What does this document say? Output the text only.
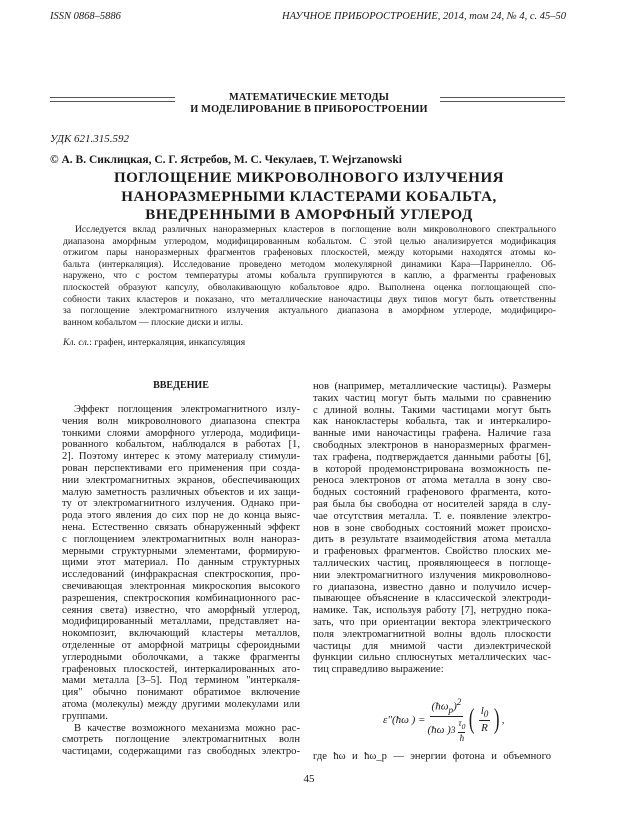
ISSN 0868–5886	НАУЧНОЕ ПРИБОРОСТРОЕНИЕ, 2014, том 24, № 4, с. 45–50
МАТЕМАТИЧЕСКИЕ МЕТОДЫ
И МОДЕЛИРОВАНИЕ В ПРИБОРОСТРОЕНИИ
УДК 621.315.592
© А. В. Сиклицкая, С. Г. Ястребов, М. С. Чекулаев, T. Wejrzanowski
ПОГЛОЩЕНИЕ МИКРОВОЛНОВОГО ИЗЛУЧЕНИЯ
НАНОРАЗМЕРНЫМИ КЛАСТЕРАМИ КОБАЛЬТА,
ВНЕДРЕННЫМИ В АМОРФНЫЙ УГЛЕРОД
Исследуется вклад различных наноразмерных кластеров в поглощение волн микроволнового спектрального
диапазона аморфным углеродом, модифицированным кобальтом. С этой целью анализируется модификация
отжигом пары наноразмерных фрагментов графеновых плоскостей, между которыми находятся атомы ко-
бальта (интеркаляция). Исследование проведено методом молекулярной динамики Кара—Парринелло. Об-
наружено, что с ростом температуры атомы кобальта группируются в каплю, а фрагменты графеновых
плоскостей образуют капсулу, обволакивающую кобальтовое ядро. Выполнена оценка поглощающей спо-
собности таких кластеров и показано, что металлические наночастицы двух типов могут быть ответственны
за поглощение электромагнитного излучения актуального диапазона в аморфном углероде, модифициро-
ванном кобальтом — плоские диски и иглы.
Кл. сл.: графен, интеркаляция, инкапсуляция
ВВЕДЕНИЕ
Эффект поглощения электромагнитного излу-
чения волн микроволнового диапазона спектра
тонкими слоями аморфного углерода, модифици-
рованного кобальтом, наблюдался в работах [1,
2]. Поэтому интерес к этому материалу стимули-
рован перспективами его применения при созда-
нии электромагнитных экранов, обеспечивающих
малую заметность различных объектов и их защи-
ту от электромагнитного излучения. Однако при-
рода этого явления до сих пор не до конца выяс-
нена. Естественно связать обнаруженный эффект
с поглощением электромагнитных волн нанораз-
мерными структурными элементами, формирую-
щими этот материал. По данным структурных
исследований (инфракрасная спектроскопия, про-
свечивающая электронная микроскопия высокого
разрешения, спектроскопия комбинационного рас-
сеяния света) известно, что аморфный углерод,
модифицированный металлами, представляет на-
нокомпозит, включающий кластеры металлов,
отделенные от аморфной матрицы сфероидными
углеродными оболочками, а также фрагменты
графеновых плоскостей, интеркалированных ато-
мами металла [3–5]. Под термином "интеркаля-
ция" обычно понимают обратимое включение
атома (молекулы) между другими молекулами или
группами.
В качестве возможного механизма можно рас-
смотреть поглощение электромагнитных волн
частицами, содержащими газ свободных электро-
нов (например, металлические частицы). Размеры
таких частиц могут быть малыми по сравнению
с длиной волны. Такими частицами могут быть
как нанокластеры кобальта, так и интеркалиро-
ванные ими наночастицы графена. Наличие газа
свободных электронов в наноразмерных фрагмен-
тах графена, подтверждается данными работы [6],
в которой продемонстрирована возможность пе-
реноса электронов от атома металла в зону сво-
бодных состояний графенового фрагмента, кото-
рая была бы свободна от носителей заряда в слу-
чае отсутствия металла. Т. е. появление электро-
нов в зоне свободных состояний может происхо-
дить в результате взаимодействия атома металла
и графеновых фрагментов. Свойство плоских ме-
таллических частиц, проявляющееся в поглоще-
нии электромагнитного излучения микроволново-
го диапазона, известно давно и получило исчер-
пывающее объяснение в классической электроди-
намике. Так, используя работу [7], нетрудно пока-
зать, что при ориентации вектора электрического
поля электромагнитной волны вдоль плоскости
частицы для мнимой части диэлектрической
функции сильно сплюснутых металлических час-
тиц справедливо выражение:
ε"(ħω ) = $(ħ\omega_p)^2$
(ħω ) 3
$\tau_0$
ħ ( $\frac{l_0}{R}$ ) ,
где ħω и ħω_p — энергии фотона и объемного
45
